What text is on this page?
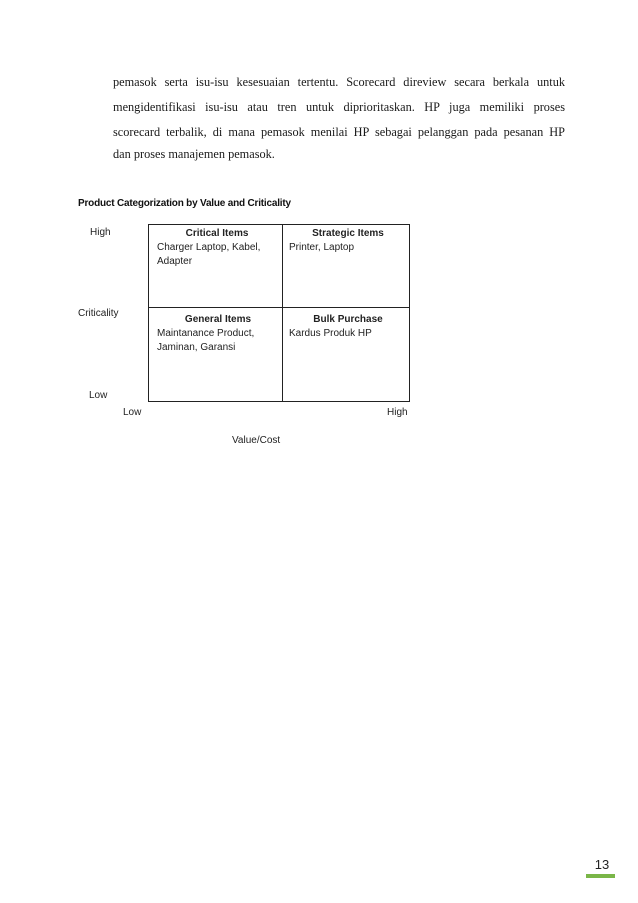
pemasok serta isu-isu kesesuaian tertentu. Scorecard direview secara berkala untuk
mengidentifikasi isu-isu atau tren untuk diprioritaskan. HP juga memiliki proses
scorecard terbalik, di mana pemasok menilai HP sebagai pelanggan pada pesanan HP
dan proses manajemen pemasok.
Product Categorization by Value and Criticality
High
Criticality
Low
Low	High
Value/Cost
Critical Items
Charger Laptop, Kabel, Adapter
Strategic Items
Printer, Laptop
General Items
Maintanance Product, Jaminan, Garansi
Bulk Purchase
Kardus Produk HP
13
